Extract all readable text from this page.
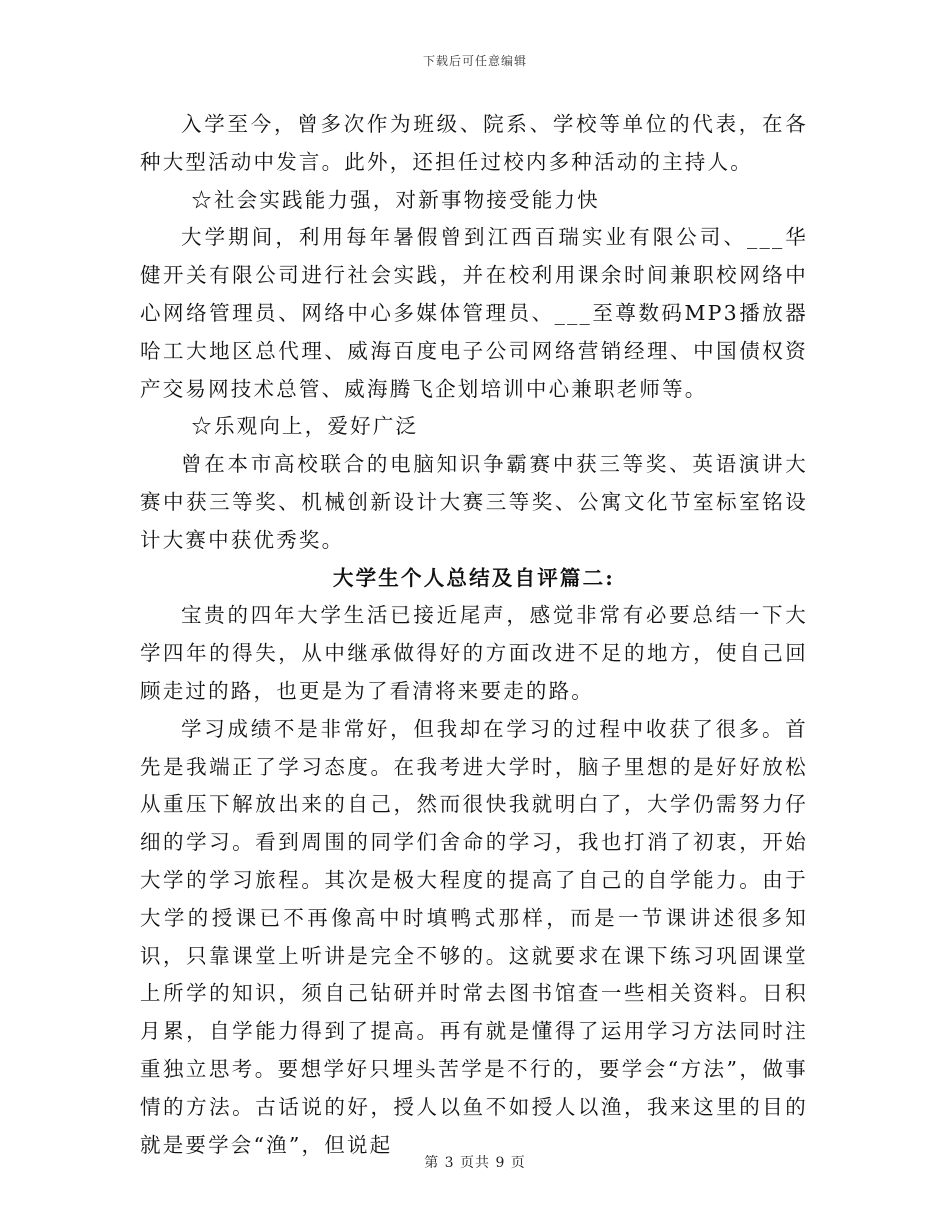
下载后可任意编辑

入学至今，曾多次作为班级、院系、学校等单位的代表，在各种大型活动中发言。此外，还担任过校内多种活动的主持人。

☆社会实践能力强，对新事物接受能力快

大学期间，利用每年暑假曾到江西百瑞实业有限公司、___华健开关有限公司进行社会实践，并在校利用课余时间兼职校网络中心网络管理员、网络中心多媒体管理员、___至尊数码MP3播放器哈工大地区总代理、威海百度电子公司网络营销经理、中国债权资产交易网技术总管、威海腾飞企划培训中心兼职老师等。

☆乐观向上，爱好广泛

曾在本市高校联合的电脑知识争霸赛中获三等奖、英语演讲大赛中获三等奖、机械创新设计大赛三等奖、公寓文化节室标室铭设计大赛中获优秀奖。

大学生个人总结及自评篇二:

宝贵的四年大学生活已接近尾声，感觉非常有必要总结一下大学四年的得失，从中继承做得好的方面改进不足的地方，使自己回顾走过的路，也更是为了看清将来要走的路。

学习成绩不是非常好，但我却在学习的过程中收获了很多。首先是我端正了学习态度。在我考进大学时，脑子里想的是好好放松从重压下解放出来的自己，然而很快我就明白了，大学仍需努力仔细的学习。看到周围的同学们舍命的学习，我也打消了初衷，开始大学的学习旅程。其次是极大程度的提高了自己的自学能力。由于大学的授课已不再像高中时填鸭式那样，而是一节课讲述很多知识，只靠课堂上听讲是完全不够的。这就要求在课下练习巩固课堂上所学的知识，须自己钻研并时常去图书馆查一些相关资料。日积月累，自学能力得到了提高。再有就是懂得了运用学习方法同时注重独立思考。要想学好只埋头苦学是不行的，要学会“方法”，做事情的方法。古话说的好，授人以鱼不如授人以渔，我来这里的目的就是要学会“渔”，但说起

第 3 页共 9 页
